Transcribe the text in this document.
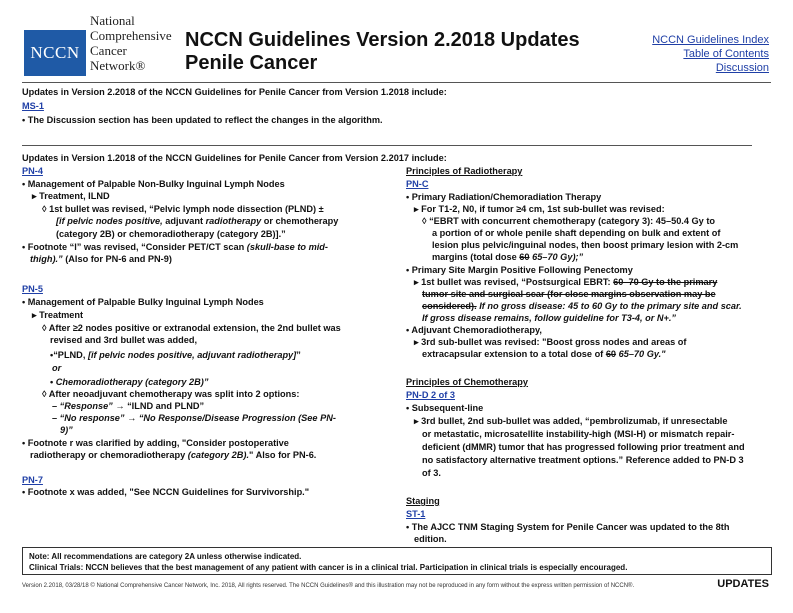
NCCN
National
Comprehensive
Cancer
Network®
NCCN Guidelines Version 2.2018 Updates
Penile Cancer
NCCN Guidelines Index
Table of Contents
Discussion
Updates in Version 2.2018 of the NCCN Guidelines for Penile Cancer from Version 1.2018 include:
MS-1
• The Discussion section has been updated to reflect the changes in the algorithm.
Updates in Version 1.2018 of the NCCN Guidelines for Penile Cancer from Version 2.2017 include:
PN-4
• Management of Palpable Non-Bulky Inguinal Lymph Nodes
▸ Treatment, ILND
◊ 1st bullet was revised, “Pelvic lymph node dissection (PLND) ±
[if pelvic nodes positive, adjuvant radiotherapy or chemotherapy
(category 2B) or chemoradiotherapy (category 2B)].”
• Footnote “l” was revised, “Consider PET/CT scan (skull-base to mid-
thigh).” (Also for PN-6 and PN-9)
PN-5
• Management of Palpable Bulky Inguinal Lymph Nodes
▸ Treatment
◊ After ≥2 nodes positive or extranodal extension, the 2nd bullet was
revised and 3rd bullet was added,
•“PLND, [if pelvic nodes positive, adjuvant radiotherapy]”
or
• Chemoradiotherapy (category 2B)”
◊ After neoadjuvant chemotherapy was split into 2 options:
– “Response” → “ILND and PLND”
– “No response” → “No Response/Disease Progression (See PN-
9)”
• Footnote r was clarified by adding, "Consider postoperative
radiotherapy or chemoradiotherapy (category 2B)." Also for PN-6.
PN-7
• Footnote x was added, "See NCCN Guidelines for Survivorship."
Principles of Radiotherapy
PN-C
• Primary Radiation/Chemoradiation Therapy
▸ For T1-2, N0, if tumor ≥4 cm, 1st sub-bullet was revised:
◊ “EBRT with concurrent chemotherapy (category 3): 45–50.4 Gy to
a portion of or whole penile shaft depending on bulk and extent of
lesion plus pelvic/inguinal nodes, then boost primary lesion with 2-cm
margins (total dose 60 65–70 Gy);”
• Primary Site Margin Positive Following Penectomy
▸ 1st bullet was revised, “Postsurgical EBRT: 60–70 Gy to the primary
tumor site and surgical scar (for close margins observation may be
considered). If no gross disease: 45 to 60 Gy to the primary site and scar.
If gross disease remains, follow guideline for T3-4, or N+.”
• Adjuvant Chemoradiotherapy,
▸ 3rd sub-bullet was revised: "Boost gross nodes and areas of
extracapsular extension to a total dose of 60 65–70 Gy."
Principles of Chemotherapy
PN-D 2 of 3
• Subsequent-line
▸ 3rd bullet, 2nd sub-bullet was added, “pembrolizumab, if unresectable
or metastatic, microsatellite instability-high (MSI-H) or mismatch repair-
deficient (dMMR) tumor that has progressed following prior treatment and
no satisfactory alternative treatment options.” Reference added to PN-D 3
of 3.
Staging
ST-1
• The AJCC TNM Staging System for Penile Cancer was updated to the 8th
edition.
Note: All recommendations are category 2A unless otherwise indicated.
Clinical Trials: NCCN believes that the best management of any patient with cancer is in a clinical trial. Participation in clinical trials is especially encouraged.
Version 2.2018, 03/28/18 © National Comprehensive Cancer Network, Inc. 2018, All rights reserved. The NCCN Guidelines® and this illustration may not be reproduced in any form without the express written permission of NCCN®.	UPDATES
